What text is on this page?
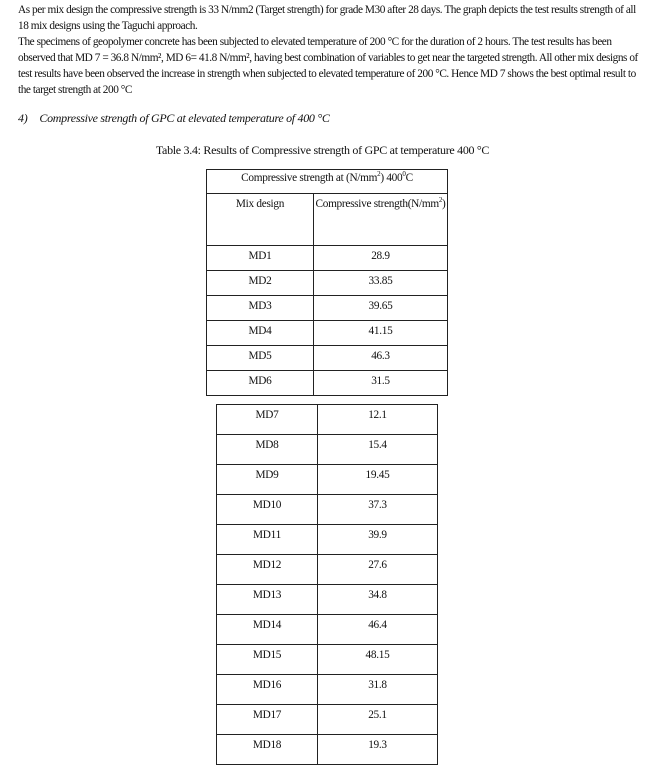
As per mix design the compressive strength is 33 N/mm2 (Target strength) for grade M30 after 28 days. The graph depicts the test results strength of all 18 mix designs using the Taguchi approach.
The specimens of geopolymer concrete has been subjected to elevated temperature of 200 °C for the duration of 2 hours. The test results has been observed that MD 7 = 36.8 N/mm², MD 6= 41.8 N/mm², having best combination of variables to get near the targeted strength. All other mix designs of test results have been observed the increase in strength when subjected to elevated temperature of 200 °C. Hence MD 7 shows the best optimal result to the target strength at 200 °C
4) Compressive strength of GPC at elevated temperature of 400 °C
Table 3.4: Results of Compressive strength of GPC at temperature 400 °C
Compressive strength at $(N/mm^2)$ $400^0C$	
Mix design	Compressive $strength(N/mm^2)$
MD1	28.9
MD2	33.85
MD3	39.65
MD4	41.15
MD5	46.3
MD6	31.5
MD7	12.1
MD8	15.4
MD9	19.45
MD10	37.3
MD11	39.9
MD12	27.6
MD13	34.8
MD14	46.4
MD15	48.15
MD16	31.8
MD17	25.1
MD18	19.3
